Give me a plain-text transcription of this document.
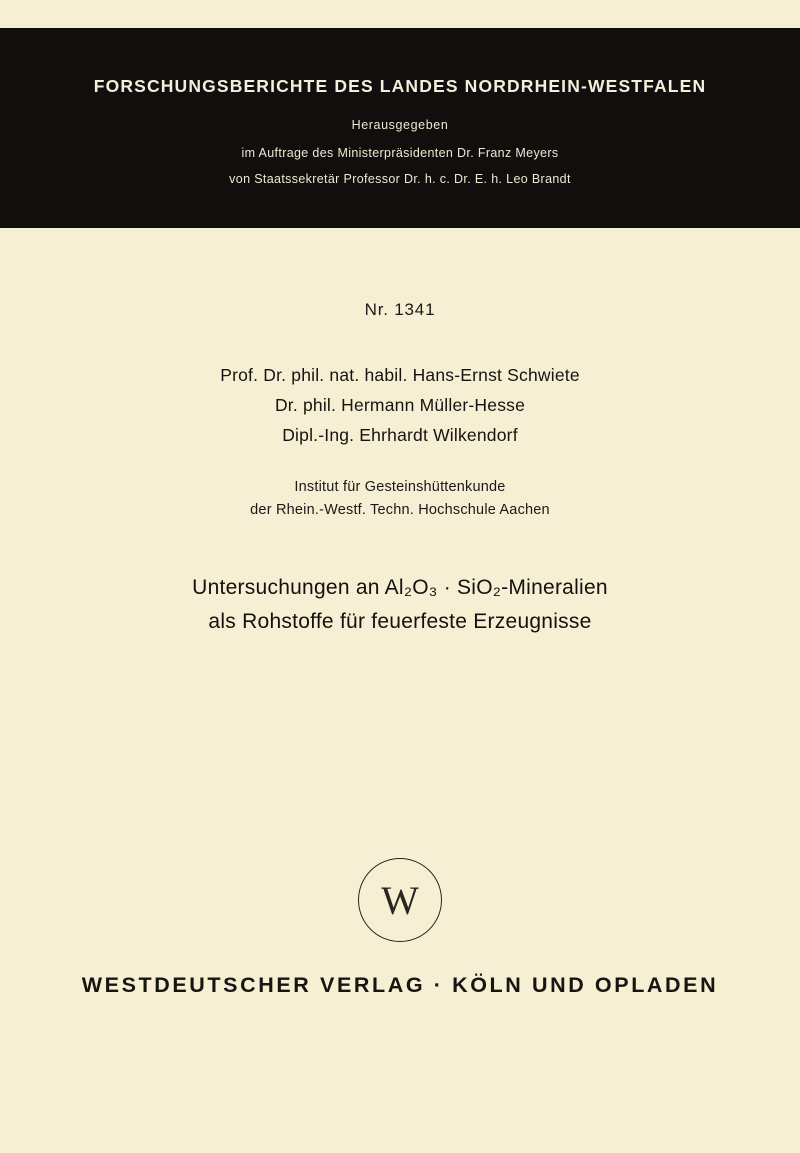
FORSCHUNGSBERICHTE DES LANDES NORDRHEIN-WESTFALEN
Herausgegeben
im Auftrage des Ministerpräsidenten Dr. Franz Meyers
von Staatssekretär Professor Dr. h. c. Dr. E. h. Leo Brandt
Nr. 1341
Prof. Dr. phil. nat. habil. Hans-Ernst Schwiete
Dr. phil. Hermann Müller-Hesse
Dipl.-Ing. Ehrhardt Wilkendorf
Institut für Gesteinshüttenkunde
der Rhein.-Westf. Techn. Hochschule Aachen
Untersuchungen an Al₂O₃ · SiO₂-Mineralien
als Rohstoffe für feuerfeste Erzeugnisse
W
WESTDEUTSCHER VERLAG · KÖLN UND OPLADEN
